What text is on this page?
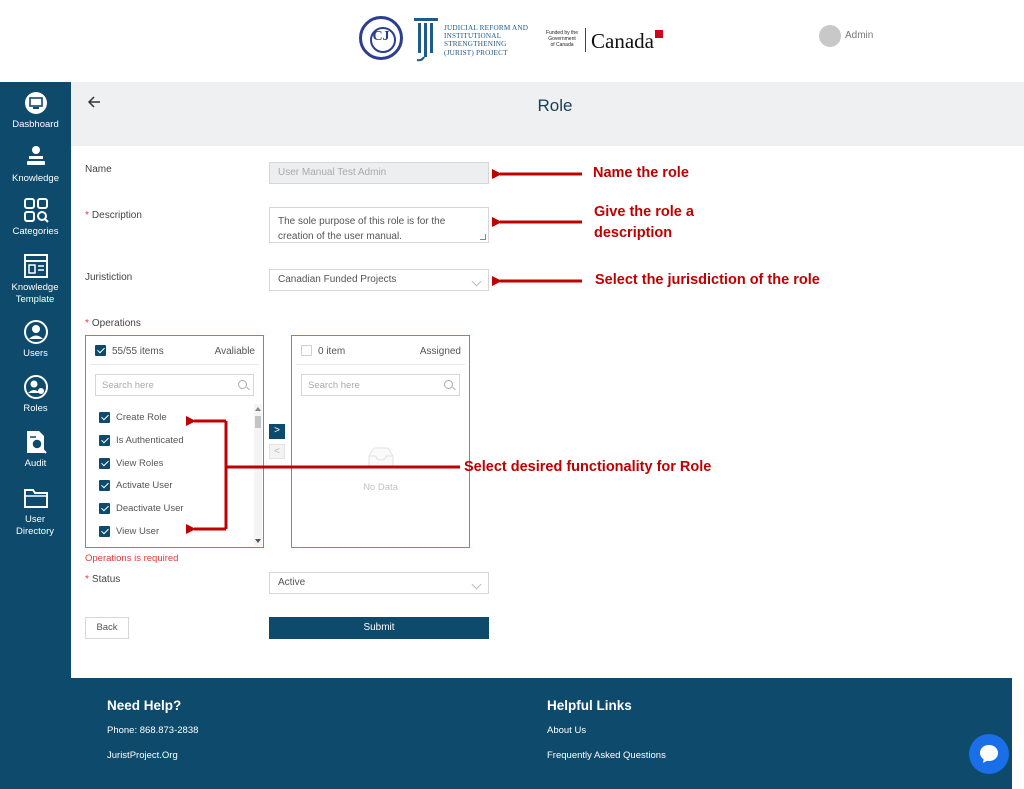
CJ
JUDICIAL REFORM AND
INSTITUTIONAL
STRENGTHENING
(JURIST) PROJECT
Funded by the
Government
of Canada Canada	Admin
Dasbhoard
Knowledge
Categories
Knowledge Template
Users
Roles
Audit
User Directory
Role
Name	User Manual Test Admin
* Description
The sole purpose of this role is for the creation of the user manual.
Juristiction	Canadian Funded Projects
* Operations
55/55 items	Avaliable
Search here
Create Role
Is Authenticated
View Roles
Activate User
Deactivate User
View User
>
<
0 item	Assigned
Search here
No Data
Operations is required
* Status	Active
Back	Submit
Name the role
Give the role a description
Select the jurisdiction of the role
Select desired functionality for Role
Need Help?
Phone: 868.873-2838
JuristProject.Org
Helpful Links
About Us
Frequently Asked Questions
